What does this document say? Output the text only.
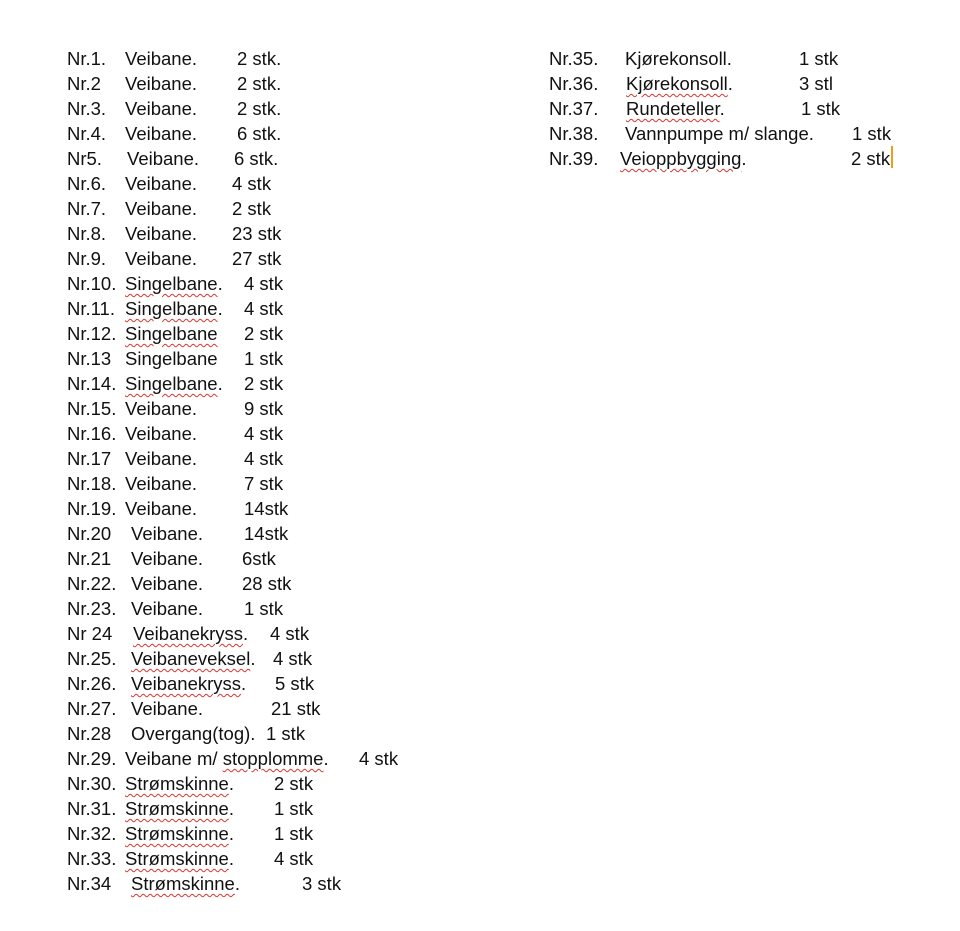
Nr.1. Veibane. 2 stk.
Nr.2 Veibane. 2 stk.
Nr.3. Veibane. 2 stk.
Nr.4. Veibane. 6 stk.
Nr5. Veibane. 6 stk.
Nr.6. Veibane. 4 stk
Nr.7. Veibane. 2 stk
Nr.8. Veibane. 23 stk
Nr.9. Veibane. 27 stk
Nr.10. Singelbane. 4 stk
Nr.11. Singelbane. 4 stk
Nr.12. Singelbane 2 stk
Nr.13 Singelbane 1 stk
Nr.14. Singelbane. 2 stk
Nr.15. Veibane.	9 stk
Nr.16. Veibane.	4 stk
Nr.17 Veibane.	4 stk
Nr.18. Veibane.	7 stk
Nr.19. Veibane.	14stk
Nr.20 Veibane. 14stk
Nr.21 Veibane. 6stk
Nr.22. Veibane. 28 stk
Nr.23. Veibane. 1 stk
Nr 24 Veibanekryss. 4 stk
Nr.25. Veibaneveksel. 4 stk
Nr.26. Veibanekryss. 5 stk
Nr.27. Veibane.	21 stk
Nr.28 Overgang(tog). 1 stk
Nr.29. Veibane m/ stopplomme. 4 stk
Nr.30. Strømskinne. 2 stk
Nr.31. Strømskinne. 1 stk
Nr.32. Strømskinne. 1 stk
Nr.33. Strømskinne. 4 stk
Nr.34 Strømskinne.	3 stk
Nr.35. Kjørekonsoll.	1 stk
Nr.36. Kjørekonsoll.	3 stl
Nr.37. Rundeteller.	1 stk
Nr.38. Vannpumpe m/ slange. 1 stk
Nr.39. Veioppbygging.	2 stk
